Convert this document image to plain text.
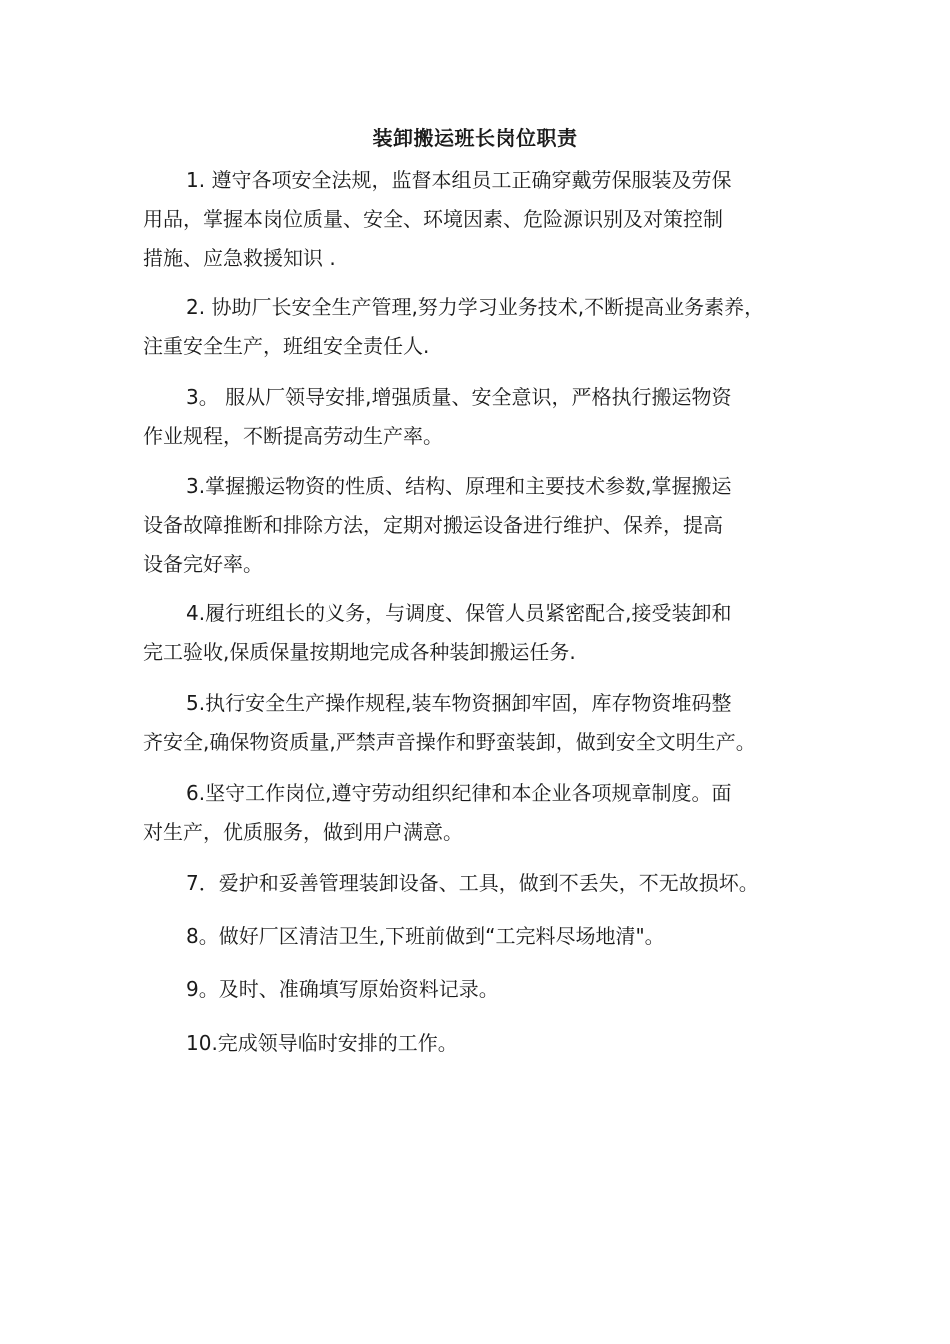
装卸搬运班长岗位职责
1. 遵守各项安全法规，监督本组员工正确穿戴劳保服装及劳保
用品，掌握本岗位质量、安全、环境因素、危险源识别及对策控制
措施、应急救援知识 .
2. 协助厂长安全生产管理,努力学习业务技术,不断提高业务素养，
注重安全生产，班组安全责任人.
3。 服从厂领导安排,增强质量、安全意识，严格执行搬运物资
作业规程，不断提高劳动生产率。
3.掌握搬运物资的性质、结构、原理和主要技术参数,掌握搬运
设备故障推断和排除方法，定期对搬运设备进行维护、保养，提高
设备完好率。
4.履行班组长的义务，与调度、保管人员紧密配合,接受装卸和
完工验收,保质保量按期地完成各种装卸搬运任务.
5.执行安全生产操作规程,装车物资捆卸牢固，库存物资堆码整
齐安全,确保物资质量,严禁声音操作和野蛮装卸，做到安全文明生产。
6.坚守工作岗位,遵守劳动组织纪律和本企业各项规章制度。面
对生产，优质服务，做到用户满意。
7．爱护和妥善管理装卸设备、工具，做到不丢失，不无故损坏。
8。做好厂区清洁卫生,下班前做到“工完料尽场地清"。
9。及时、准确填写原始资料记录。
10.完成领导临时安排的工作。
